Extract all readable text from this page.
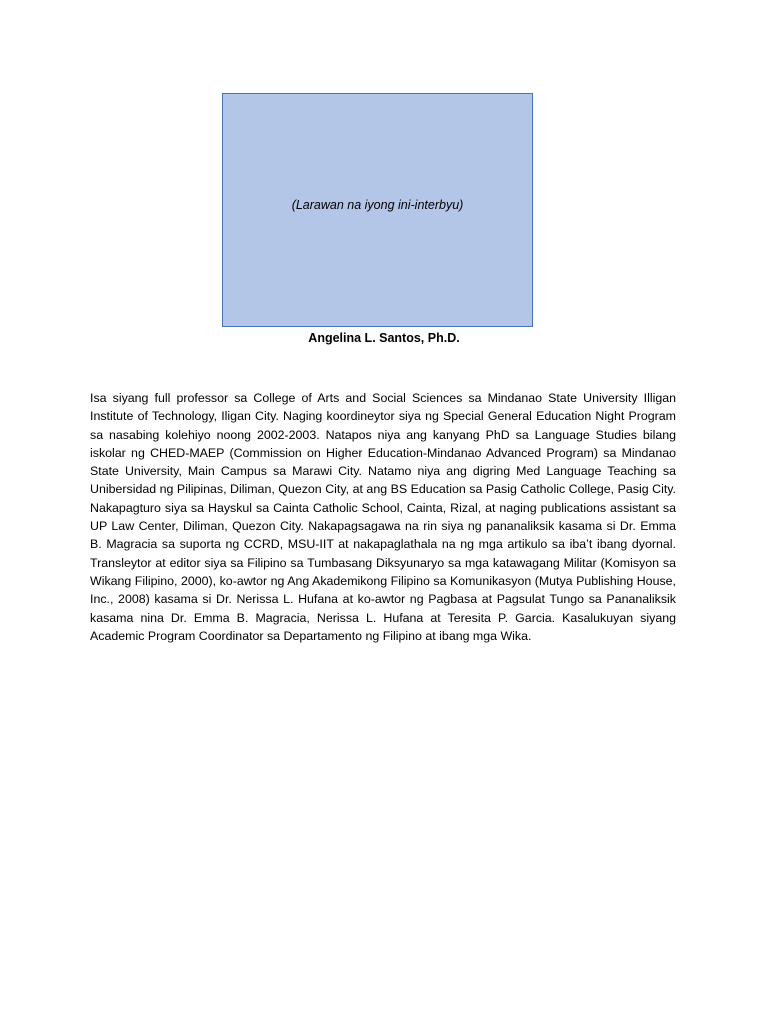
(Larawan na iyong ini-interbyu)
Angelina L. Santos, Ph.D.

Isa siyang full professor sa College of Arts and Social Sciences sa Mindanao State University Illigan Institute of Technology, Iligan City. Naging koordineytor siya ng Special General Education Night Program sa nasabing kolehiyo noong 2002-2003. Natapos niya ang kanyang PhD sa Language Studies bilang iskolar ng CHED-MAEP (Commission on Higher Education-Mindanao Advanced Program) sa Mindanao State University, Main Campus sa Marawi City. Natamo niya ang digring Med Language Teaching sa Unibersidad ng Pilipinas, Diliman, Quezon City, at ang BS Education sa Pasig Catholic College, Pasig City. Nakapagturo siya sa Hayskul sa Cainta Catholic School, Cainta, Rizal, at naging publications assistant sa UP Law Center, Diliman, Quezon City. Nakapagsagawa na rin siya ng pananaliksik kasama si Dr. Emma B. Magracia sa suporta ng CCRD, MSU-IIT at nakapaglathala na ng mga artikulo sa iba’t ibang dyornal. Transleytor at editor siya sa Filipino sa Tumbasang Diksyunaryo sa mga katawagang Militar (Komisyon sa Wikang Filipino, 2000), ko-awtor ng Ang Akademikong Filipino sa Komunikasyon (Mutya Publishing House, Inc., 2008) kasama si Dr. Nerissa L. Hufana at ko-awtor ng Pagbasa at Pagsulat Tungo sa Pananaliksik kasama nina Dr. Emma B. Magracia, Nerissa L. Hufana at Teresita P. Garcia. Kasalukuyan siyang Academic Program Coordinator sa Departamento ng Filipino at ibang mga Wika.
